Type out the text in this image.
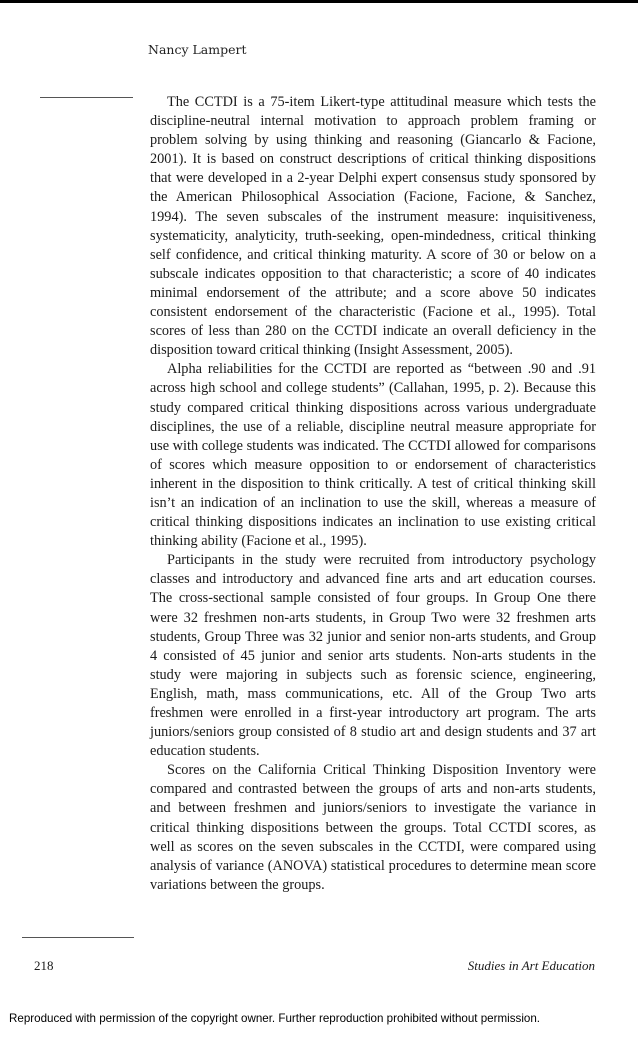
Nancy Lampert

The CCTDI is a 75-item Likert-type attitudinal measure which tests the discipline-neutral internal motivation to approach problem framing or problem solving by using thinking and reasoning (Giancarlo & Facione, 2001). It is based on construct descriptions of critical thinking dispositions that were developed in a 2-year Delphi expert consensus study sponsored by the American Philosophical Association (Facione, Facione, & Sanchez, 1994). The seven subscales of the instrument measure: inquisitiveness, systematicity, analyticity, truth-seeking, open-mindedness, critical thinking self confidence, and critical thinking maturity. A score of 30 or below on a subscale indicates opposition to that characteristic; a score of 40 indicates minimal endorsement of the attribute; and a score above 50 indicates consistent endorsement of the characteristic (Facione et al., 1995). Total scores of less than 280 on the CCTDI indicate an overall deficiency in the disposition toward critical thinking (Insight Assessment, 2005).

Alpha reliabilities for the CCTDI are reported as “between .90 and .91 across high school and college students” (Callahan, 1995, p. 2). Because this study compared critical thinking dispositions across various undergraduate disciplines, the use of a reliable, discipline neutral measure appropriate for use with college students was indicated. The CCTDI allowed for comparisons of scores which measure opposition to or endorsement of characteristics inherent in the disposition to think critically. A test of critical thinking skill isn’t an indication of an inclination to use the skill, whereas a measure of critical thinking dispositions indicates an inclination to use existing critical thinking ability (Facione et al., 1995).

Participants in the study were recruited from introductory psychology classes and introductory and advanced fine arts and art education courses. The cross-sectional sample consisted of four groups. In Group One there were 32 freshmen non-arts students, in Group Two were 32 freshmen arts students, Group Three was 32 junior and senior non-arts students, and Group 4 consisted of 45 junior and senior arts students. Non-arts students in the study were majoring in subjects such as forensic science, engineering, English, math, mass communications, etc. All of the Group Two arts freshmen were enrolled in a first-year introductory art program. The arts juniors/seniors group consisted of 8 studio art and design students and 37 art education students.

Scores on the California Critical Thinking Disposition Inventory were compared and contrasted between the groups of arts and non-arts students, and between freshmen and juniors/seniors to investigate the variance in critical thinking dispositions between the groups. Total CCTDI scores, as well as scores on the seven subscales in the CCTDI, were compared using analysis of variance (ANOVA) statistical procedures to determine mean score variations between the groups.

218	Studies in Art Education
Reproduced with permission of the copyright owner. Further reproduction prohibited without permission.
